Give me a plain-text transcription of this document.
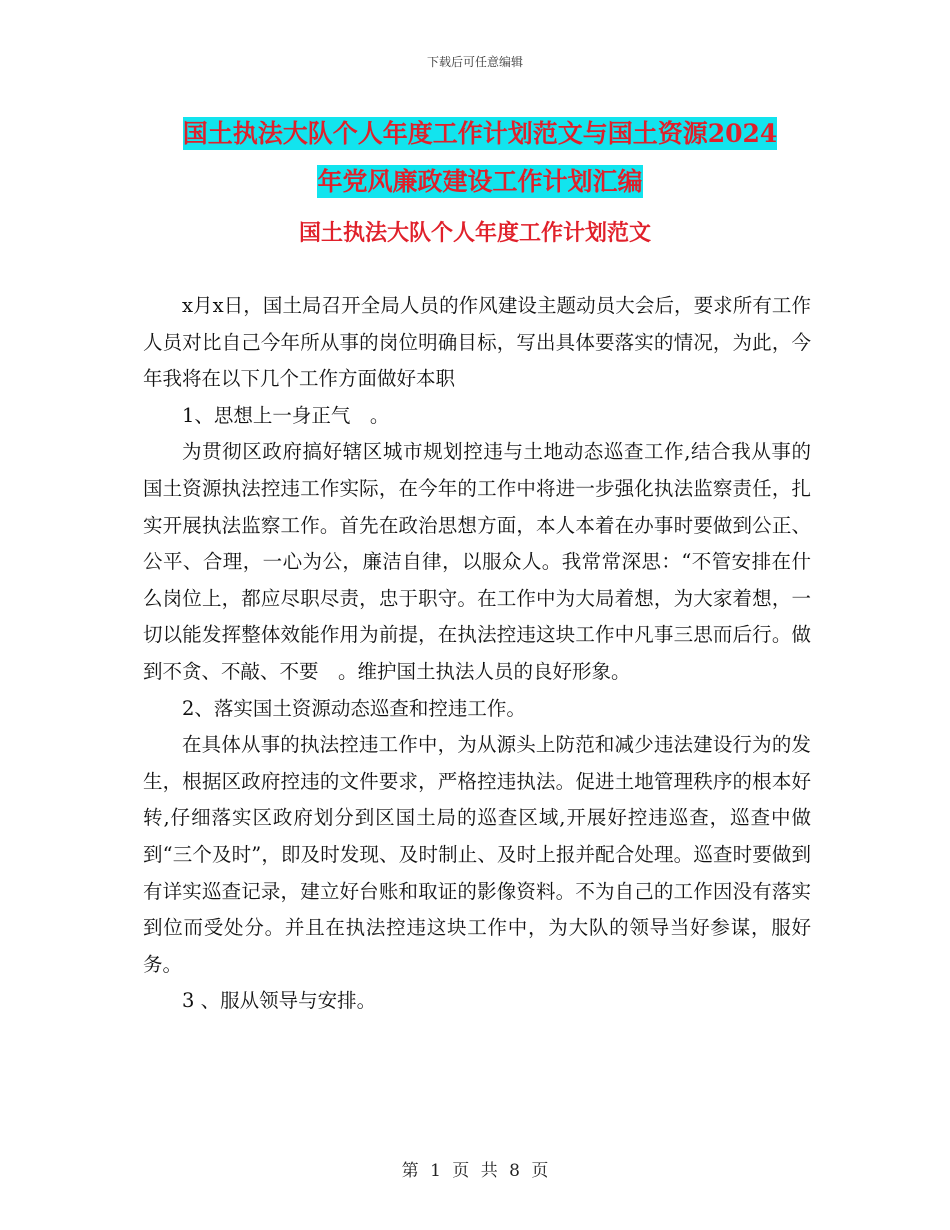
下载后可任意编辑
国土执法大队个人年度工作计划范文与国土资源2024
年党风廉政建设工作计划汇编
国土执法大队个人年度工作计划范文

x月x日，国土局召开全局人员的作风建设主题动员大会后，要求所有工作人员对比自己今年所从事的岗位明确目标，写出具体要落实的情况，为此，今年我将在以下几个工作方面做好本职

1、思想上一身正气　。

为贯彻区政府搞好辖区城市规划控违与土地动态巡查工作,结合我从事的国土资源执法控违工作实际，在今年的工作中将进一步强化执法监察责任，扎实开展执法监察工作。首先在政治思想方面，本人本着在办事时要做到公正、公平、合理，一心为公，廉洁自律，以服众人。我常常深思：“不管安排在什么岗位上，都应尽职尽责，忠于职守。在工作中为大局着想，为大家着想，一切以能发挥整体效能作用为前提，在执法控违这块工作中凡事三思而后行。做到不贪、不敲、不要　。维护国土执法人员的良好形象。

2、落实国土资源动态巡查和控违工作。

在具体从事的执法控违工作中，为从源头上防范和减少违法建设行为的发生，根据区政府控违的文件要求，严格控违执法。促进土地管理秩序的根本好转,仔细落实区政府划分到区国土局的巡查区域,开展好控违巡查，巡查中做到“三个及时”，即及时发现、及时制止、及时上报并配合处理。巡查时要做到有详实巡查记录，建立好台账和取证的影像资料。不为自己的工作因没有落实到位而受处分。并且在执法控违这块工作中，为大队的领导当好参谋，服好务。

3 、服从领导与安排。

第 1 页 共 8 页
